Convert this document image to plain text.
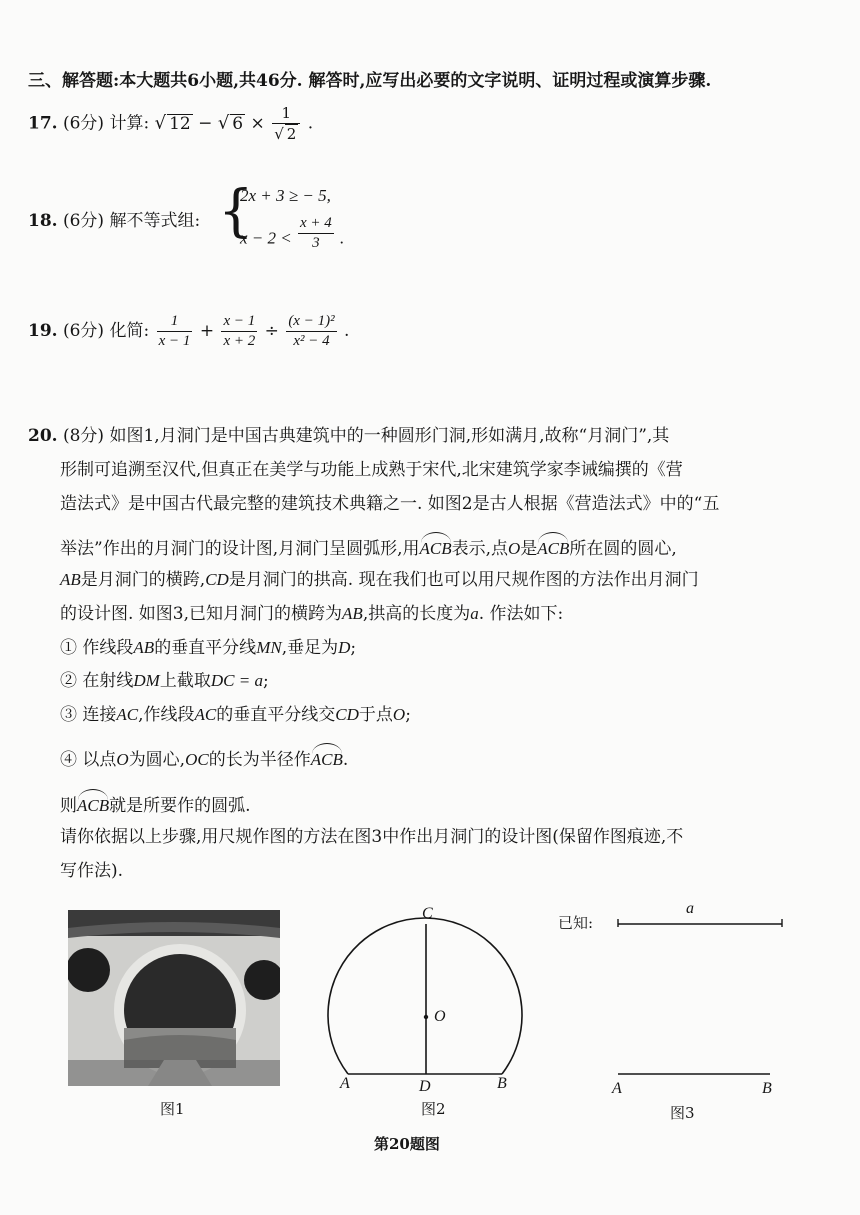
三、解答题:本大题共6小题,共46分. 解答时,应写出必要的文字说明、证明过程或演算步骤.
17. (6分) 计算: √ 12 − √ $6 \times \frac{1}{√ 2}$ .
18. (6分) 解不等式组: {
2x + 3 ≥ − 5,
$x - 2 < \frac{x + 4}{3}$ .
19. (6分) 化简: $\frac{1}{x - 1} + \frac{x - 1}{x + 2} \div \frac{\text{(x − 1)²}}{\text{x² − 4}}$ .
20. (8分) 如图1,月洞门是中国古典建筑中的一种圆形门洞,形如满月,故称“月洞门”,其
形制可追溯至汉代,但真正在美学与功能上成熟于宋代,北宋建筑学家李诫编撰的《营
造法式》是中国古代最完整的建筑技术典籍之一. 如图2是古人根据《营造法式》中的“五
举法”作出的月洞门的设计图,月洞门呈圆弧形,用ACB表示,点O是ACB所在圆的圆心,
AB是月洞门的横跨,CD是月洞门的拱高. 现在我们也可以用尺规作图的方法作出月洞门
的设计图. 如图3,已知月洞门的横跨为AB,拱高的长度为a. 作法如下:
① 作线段AB的垂直平分线MN,垂足为D;
② 在射线DM上截取DC = a;
③ 连接AC,作线段AC的垂直平分线交CD于点O;
④ 以点O为圆心,OC的长为半径作ACB.
则ACB就是所要作的圆弧.
请你依据以上步骤,用尺规作图的方法在图3中作出月洞门的设计图(保留作图痕迹,不
写作法).
图1
C
O
A	D	B
图2
已知:
a
A	B
图3
第20题图
